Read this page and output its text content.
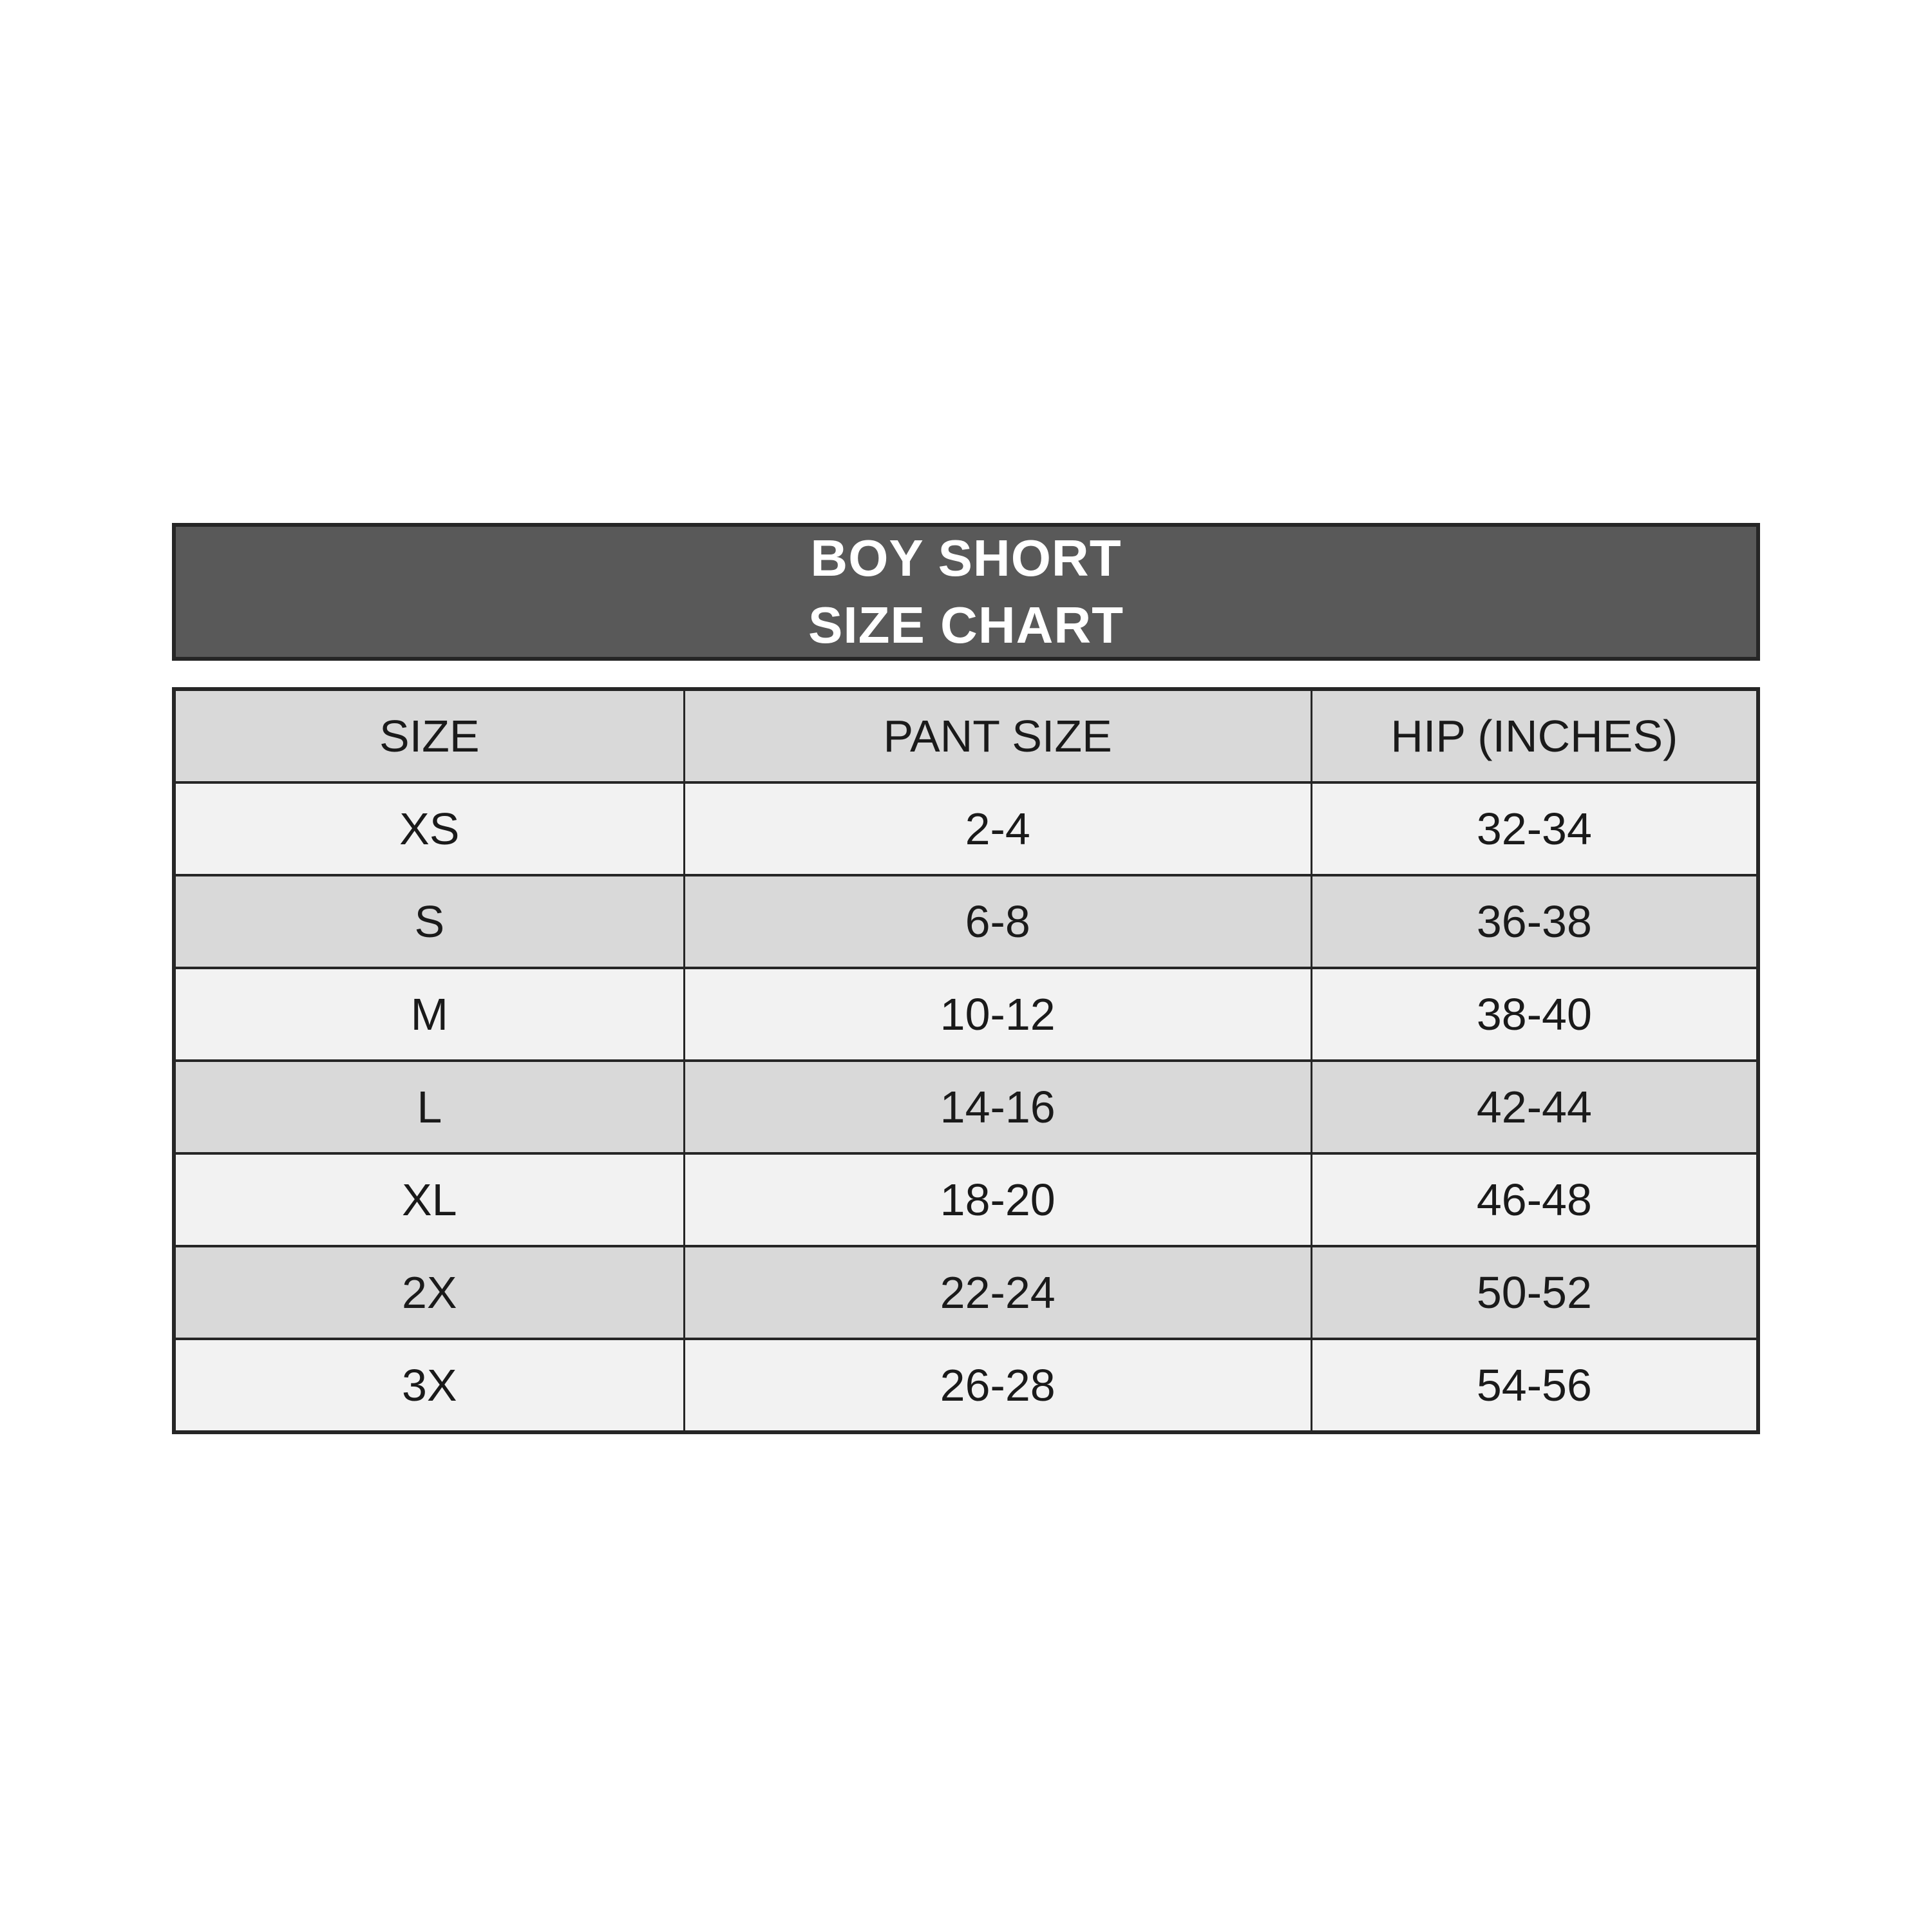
BOY SHORT
SIZE CHART
SIZE	PANT SIZE	HIP (INCHES)
XS	2-4	32-34
S	6-8	36-38
M	10-12	38-40
L	14-16	42-44
XL	18-20	46-48
2X	22-24	50-52
3X	26-28	54-56
